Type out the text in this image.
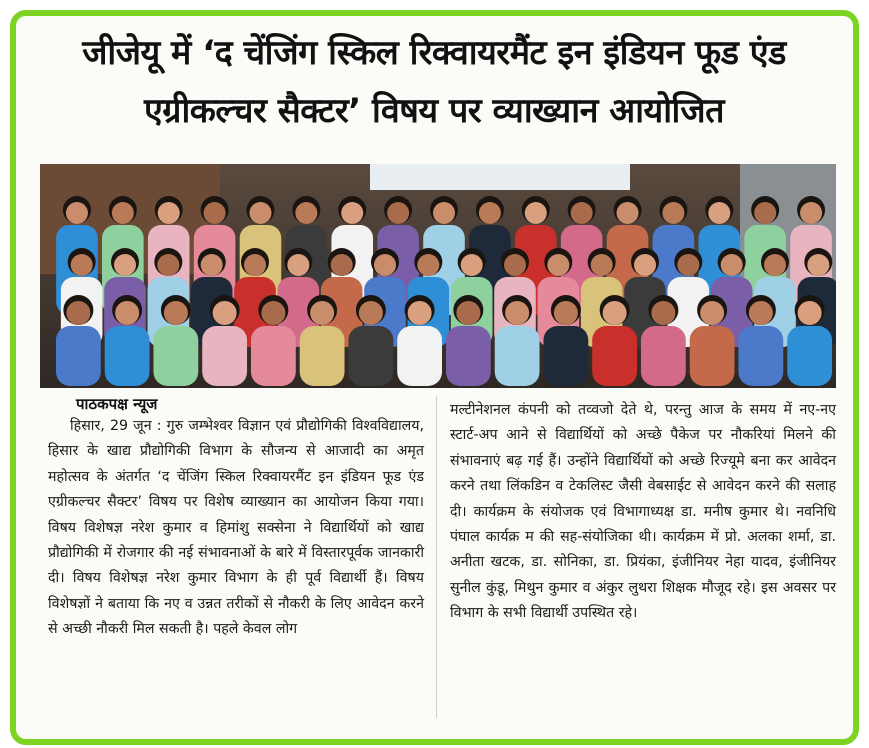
जीजेयू में ‘द चेंजिंग स्किल रिक्वायरमैंट इन इंडियन फूड एंड एग्रीकल्चर सैक्टर’ विषय पर व्याख्यान आयोजित
पाठकपक्ष न्यूज

हिसार, 29 जून : गुरु जम्भेश्वर विज्ञान एवं प्रौद्योगिकी विश्वविद्यालय, हिसार के खाद्य प्रौद्योगिकी विभाग के सौजन्य से आजादी का अमृत महोत्सव के अंतर्गत ‘द चेंजिंग स्किल रिक्वायरमैंट इन इंडियन फूड एंड एग्रीकल्चर सैक्टर’ विषय पर विशेष व्याख्यान का आयोजन किया गया। विषय विशेषज्ञ नरेश कुमार व हिमांशु सक्सेना ने विद्यार्थियों को खाद्य प्रौद्योगिकी में रोजगार की नई संभावनाओं के बारे में विस्तारपूर्वक जानकारी दी। विषय विशेषज्ञ नरेश कुमार विभाग के ही पूर्व विद्यार्थी हैं। विषय विशेषज्ञों ने बताया कि नए व उन्नत तरीकों से नौकरी के लिए आवेदन करने से अच्छी नौकरी मिल सकती है। पहले केवल लोग

मल्टीनेशनल कंपनी को तव्वजो देते थे, परन्तु आज के समय में नए-नए स्टार्ट-अप आने से विद्यार्थियों को अच्छे पैकेज पर नौकरियां मिलने की संभावनाएं बढ़ गई हैं। उन्होंने विद्यार्थियों को अच्छे रिज्यूमे बना कर आवेदन करने तथा लिंकडिन व टेकलिस्ट जैसी वेबसाईट से आवेदन करने की सलाह दी। कार्यक्रम के संयोजक एवं विभागाध्यक्ष डा. मनीष कुमार थे। नवनिधि पंघाल कार्यक्र म की सह-संयोजिका थी। कार्यक्रम में प्रो. अलका शर्मा, डा. अनीता खटक, डा. सोनिका, डा. प्रियंका, इंजीनियर नेहा यादव, इंजीनियर सुनील कुंडू, मिथुन कुमार व अंकुर लुथरा शिक्षक मौजूद रहे। इस अवसर पर विभाग के सभी विद्यार्थी उपस्थित रहे।
